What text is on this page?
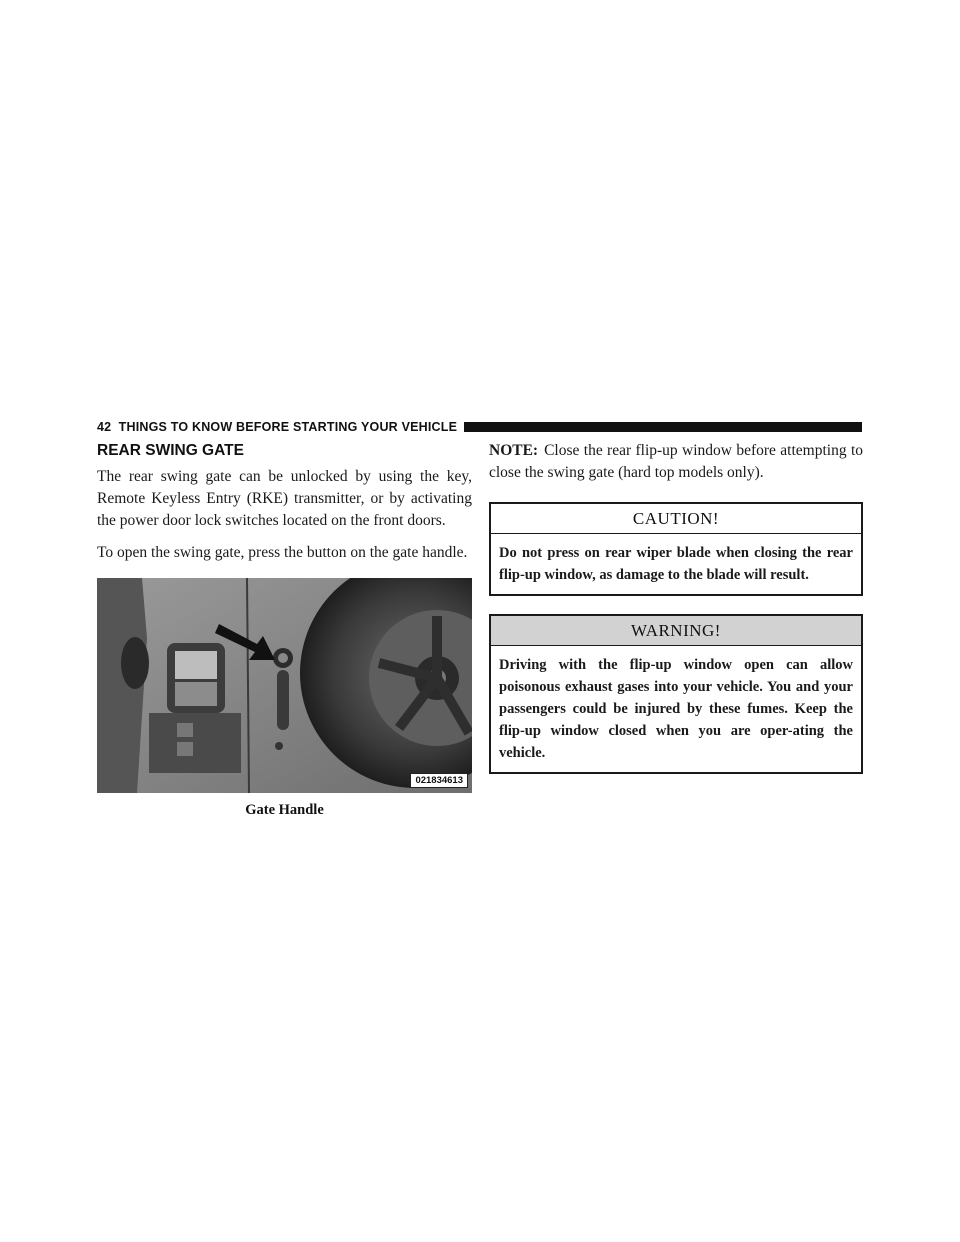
42 THINGS TO KNOW BEFORE STARTING YOUR VEHICLE
REAR SWING GATE

The rear swing gate can be unlocked by using the key, Remote Keyless Entry (RKE) transmitter, or by activating the power door lock switches located on the front doors.

To open the swing gate, press the button on the gate handle.

021834613
Gate Handle

NOTE: Close the rear flip-up window before attempting to close the swing gate (hard top models only).

CAUTION!
Do not press on rear wiper blade when closing the rear flip-up window, as damage to the blade will result.
WARNING!
Driving with the flip-up window open can allow poisonous exhaust gases into your vehicle. You and your passengers could be injured by these fumes. Keep the flip-up window closed when you are oper-ating the vehicle.
